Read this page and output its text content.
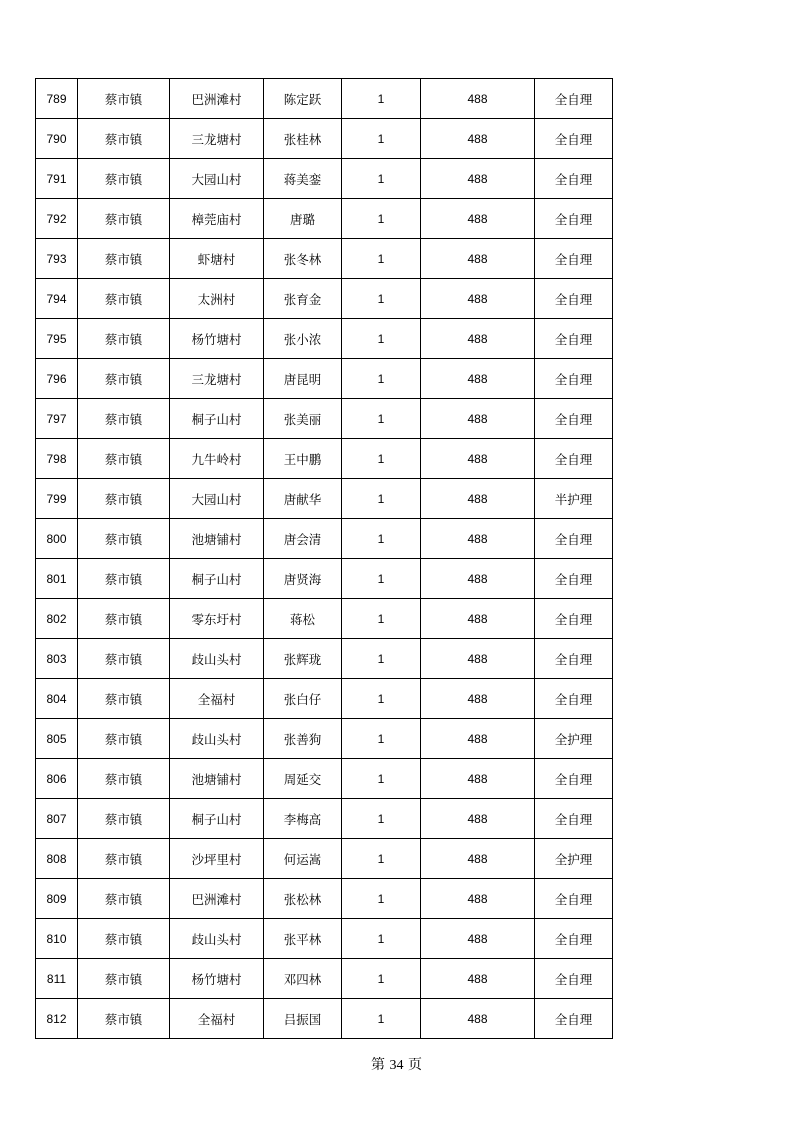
789	蔡市镇	巴洲滩村	陈定跃	1	488	全自理
790	蔡市镇	三龙塘村	张桂林	1	488	全自理
791	蔡市镇	大园山村	蒋美銮	1	488	全自理
792	蔡市镇	樟莞庙村	唐璐	1	488	全自理
793	蔡市镇	虾塘村	张冬林	1	488	全自理
794	蔡市镇	太洲村	张育金	1	488	全自理
795	蔡市镇	杨竹塘村	张小浓	1	488	全自理
796	蔡市镇	三龙塘村	唐昆明	1	488	全自理
797	蔡市镇	桐子山村	张美丽	1	488	全自理
798	蔡市镇	九牛岭村	王中鹏	1	488	全自理
799	蔡市镇	大园山村	唐献华	1	488	半护理
800	蔡市镇	池塘铺村	唐会清	1	488	全自理
801	蔡市镇	桐子山村	唐贤海	1	488	全自理
802	蔡市镇	零东圩村	蒋松	1	488	全自理
803	蔡市镇	歧山头村	张辉珑	1	488	全自理
804	蔡市镇	全福村	张白仔	1	488	全自理
805	蔡市镇	歧山头村	张善狗	1	488	全护理
806	蔡市镇	池塘铺村	周延交	1	488	全自理
807	蔡市镇	桐子山村	李梅高	1	488	全自理
808	蔡市镇	沙坪里村	何运嵩	1	488	全护理
809	蔡市镇	巴洲滩村	张松林	1	488	全自理
810	蔡市镇	歧山头村	张平林	1	488	全自理
811	蔡市镇	杨竹塘村	邓四林	1	488	全自理
812	蔡市镇	全福村	吕振国	1	488	全自理
第 34 页
